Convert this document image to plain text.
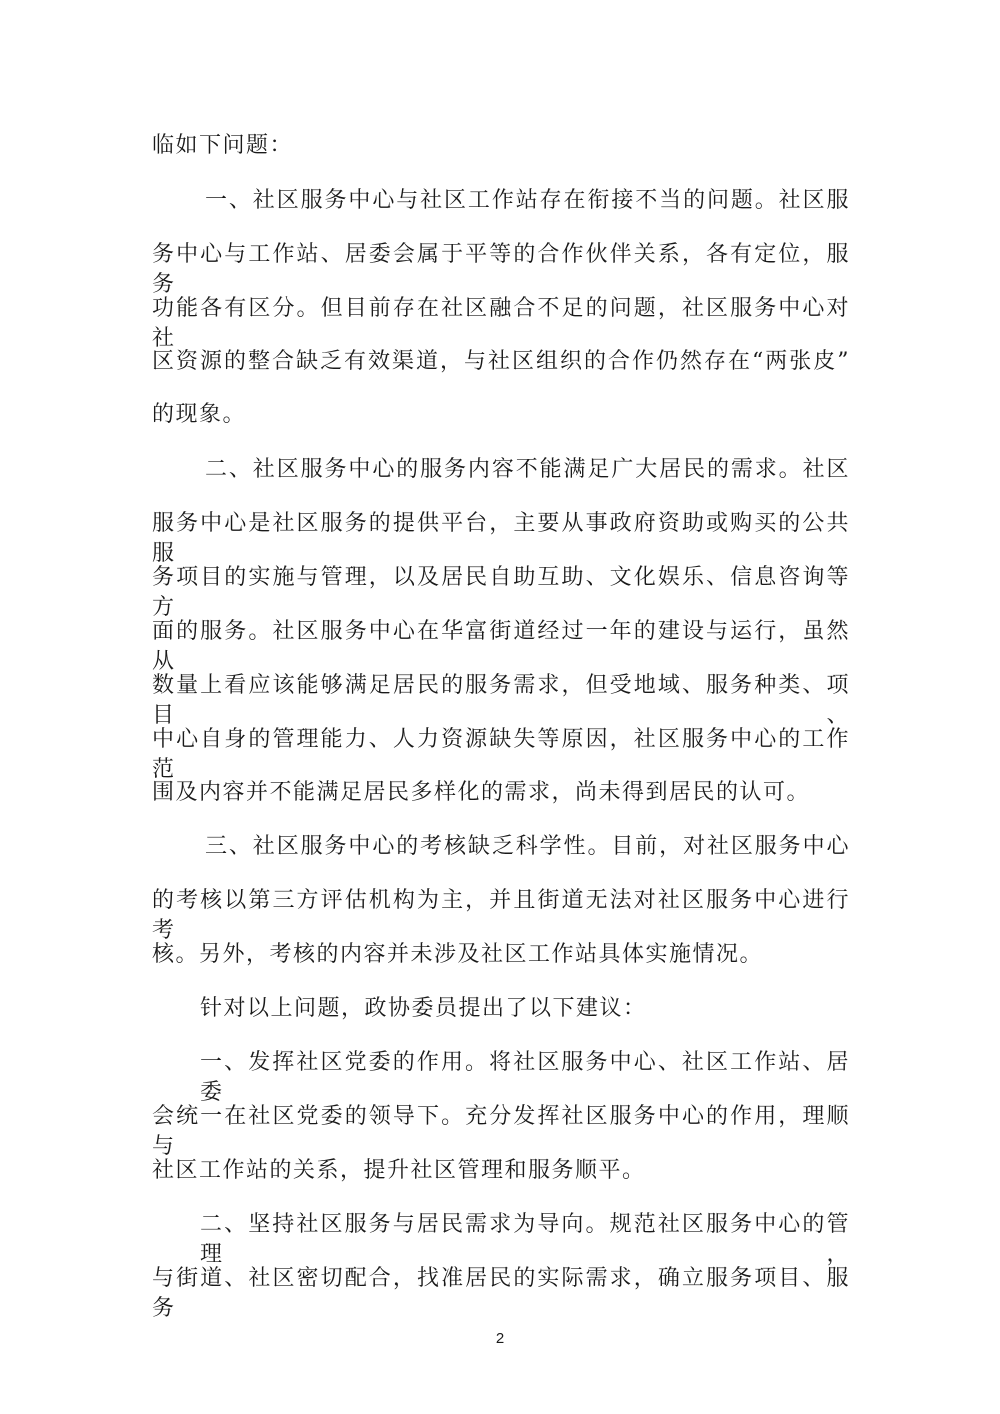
临如下问题：
一、社区服务中心与社区工作站存在衔接不当的问题。社区服
务中心与工作站、居委会属于平等的合作伙伴关系，各有定位，服务
功能各有区分。但目前存在社区融合不足的问题，社区服务中心对社
区资源的整合缺乏有效渠道，与社区组织的合作仍然存在“两张皮”
的现象。
二、社区服务中心的服务内容不能满足广大居民的需求。社区
服务中心是社区服务的提供平台，主要从事政府资助或购买的公共服
务项目的实施与管理，以及居民自助互助、文化娱乐、信息咨询等方
面的服务。社区服务中心在华富街道经过一年的建设与运行，虽然从
数量上看应该能够满足居民的服务需求，但受地域、服务种类、项目、
中心自身的管理能力、人力资源缺失等原因，社区服务中心的工作范
围及内容并不能满足居民多样化的需求，尚未得到居民的认可。
三、社区服务中心的考核缺乏科学性。目前，对社区服务中心
的考核以第三方评估机构为主，并且街道无法对社区服务中心进行考
核。另外，考核的内容并未涉及社区工作站具体实施情况。
针对以上问题，政协委员提出了以下建议：
一、发挥社区党委的作用。将社区服务中心、社区工作站、居委
会统一在社区党委的领导下。充分发挥社区服务中心的作用，理顺与
社区工作站的关系，提升社区管理和服务顺平。
二、坚持社区服务与居民需求为导向。规范社区服务中心的管理，
与街道、社区密切配合，找准居民的实际需求，确立服务项目、服务
2
